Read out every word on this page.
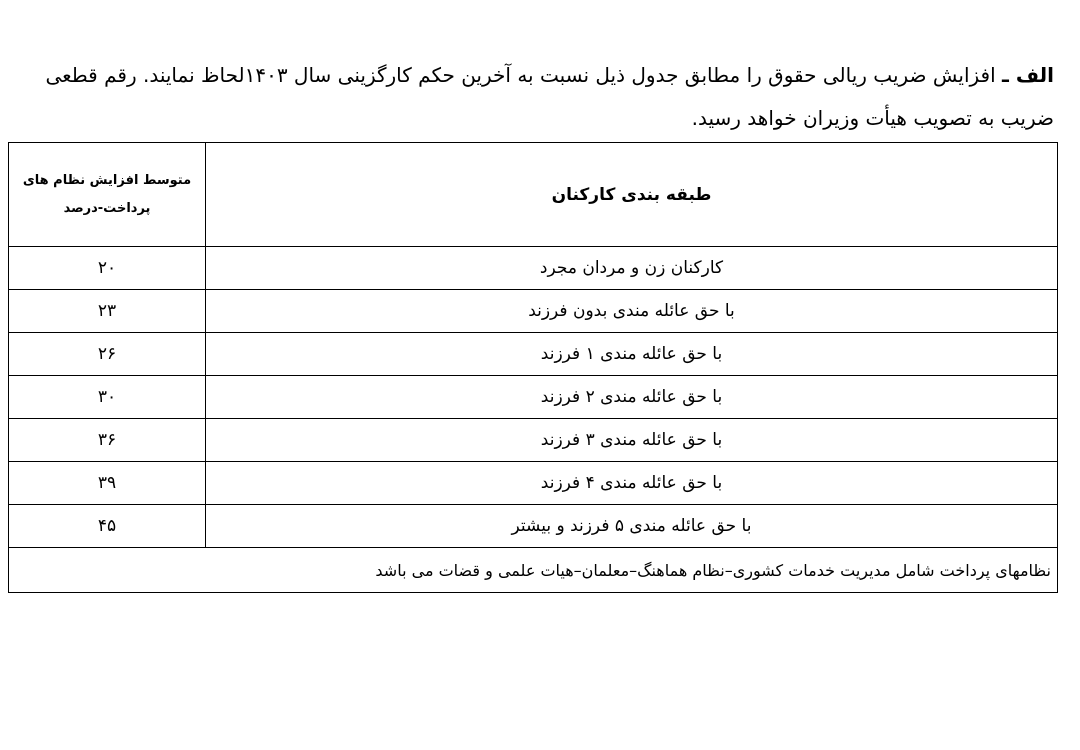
الف ـ افزایش ضریب ریالی حقوق را مطابق جدول ذیل نسبت به آخرین حکم کارگزینی سال ۱۴۰۳لحاظ نمایند. رقم قطعی ضریب به تصویب هیأت وزیران خواهد رسید.
متوسط افزایش نظام های پرداخت-درصد	طبقه بندی کارکنان
۲۰	کارکنان زن و مردان مجرد
۲۳	با حق عائله مندی بدون فرزند
۲۶	با حق عائله مندی ۱ فرزند
۳۰	با حق عائله مندی ۲ فرزند
۳۶	با حق عائله مندی ۳ فرزند
۳۹	با حق عائله مندی ۴ فرزند
۴۵	با حق عائله مندی ۵ فرزند و بیشتر
نظامهای پرداخت شامل مدیریت خدمات کشوری–نظام هماهنگ–معلمان–هیات علمی و قضات می باشد	
